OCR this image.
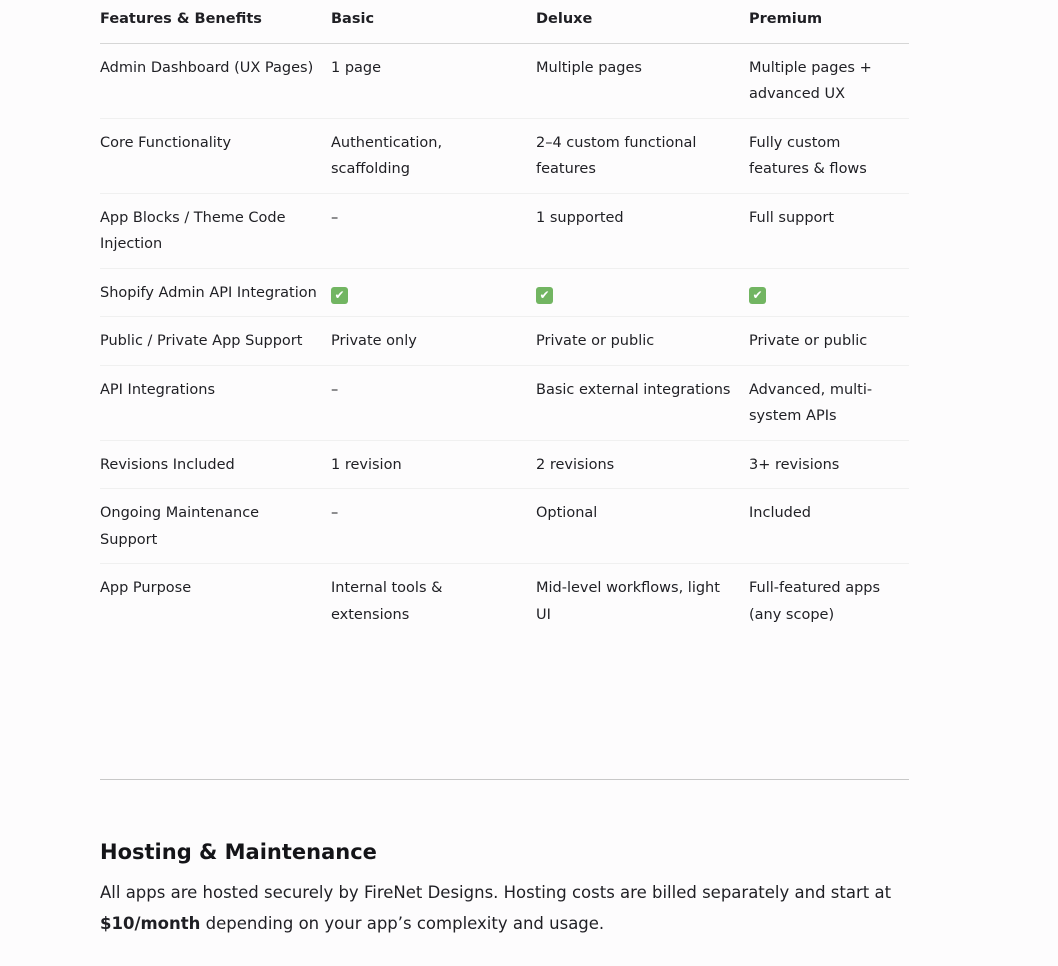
Features & Benefits	Basic	Deluxe	Premium
Admin Dashboard (UX Pages)	1 page	Multiple pages	Multiple pages + advanced UX
Core Functionality	Authentication, scaffolding	2–4 custom functional features	Fully custom features & flows
App Blocks / Theme Code Injection	–	1 supported	Full support
Shopify Admin API Integration	✔	✔	✔
Public / Private App Support	Private only	Private or public	Private or public
API Integrations	–	Basic external integrations	Advanced, multi-system APIs
Revisions Included	1 revision	2 revisions	3+ revisions
Ongoing Maintenance Support	–	Optional	Included
App Purpose	Internal tools & extensions	Mid-level workflows, light UI	Full-featured apps (any scope)
Hosting & Maintenance

All apps are hosted securely by FireNet Designs. Hosting costs are billed separately and start at $10/month depending on your app’s complexity and usage.
